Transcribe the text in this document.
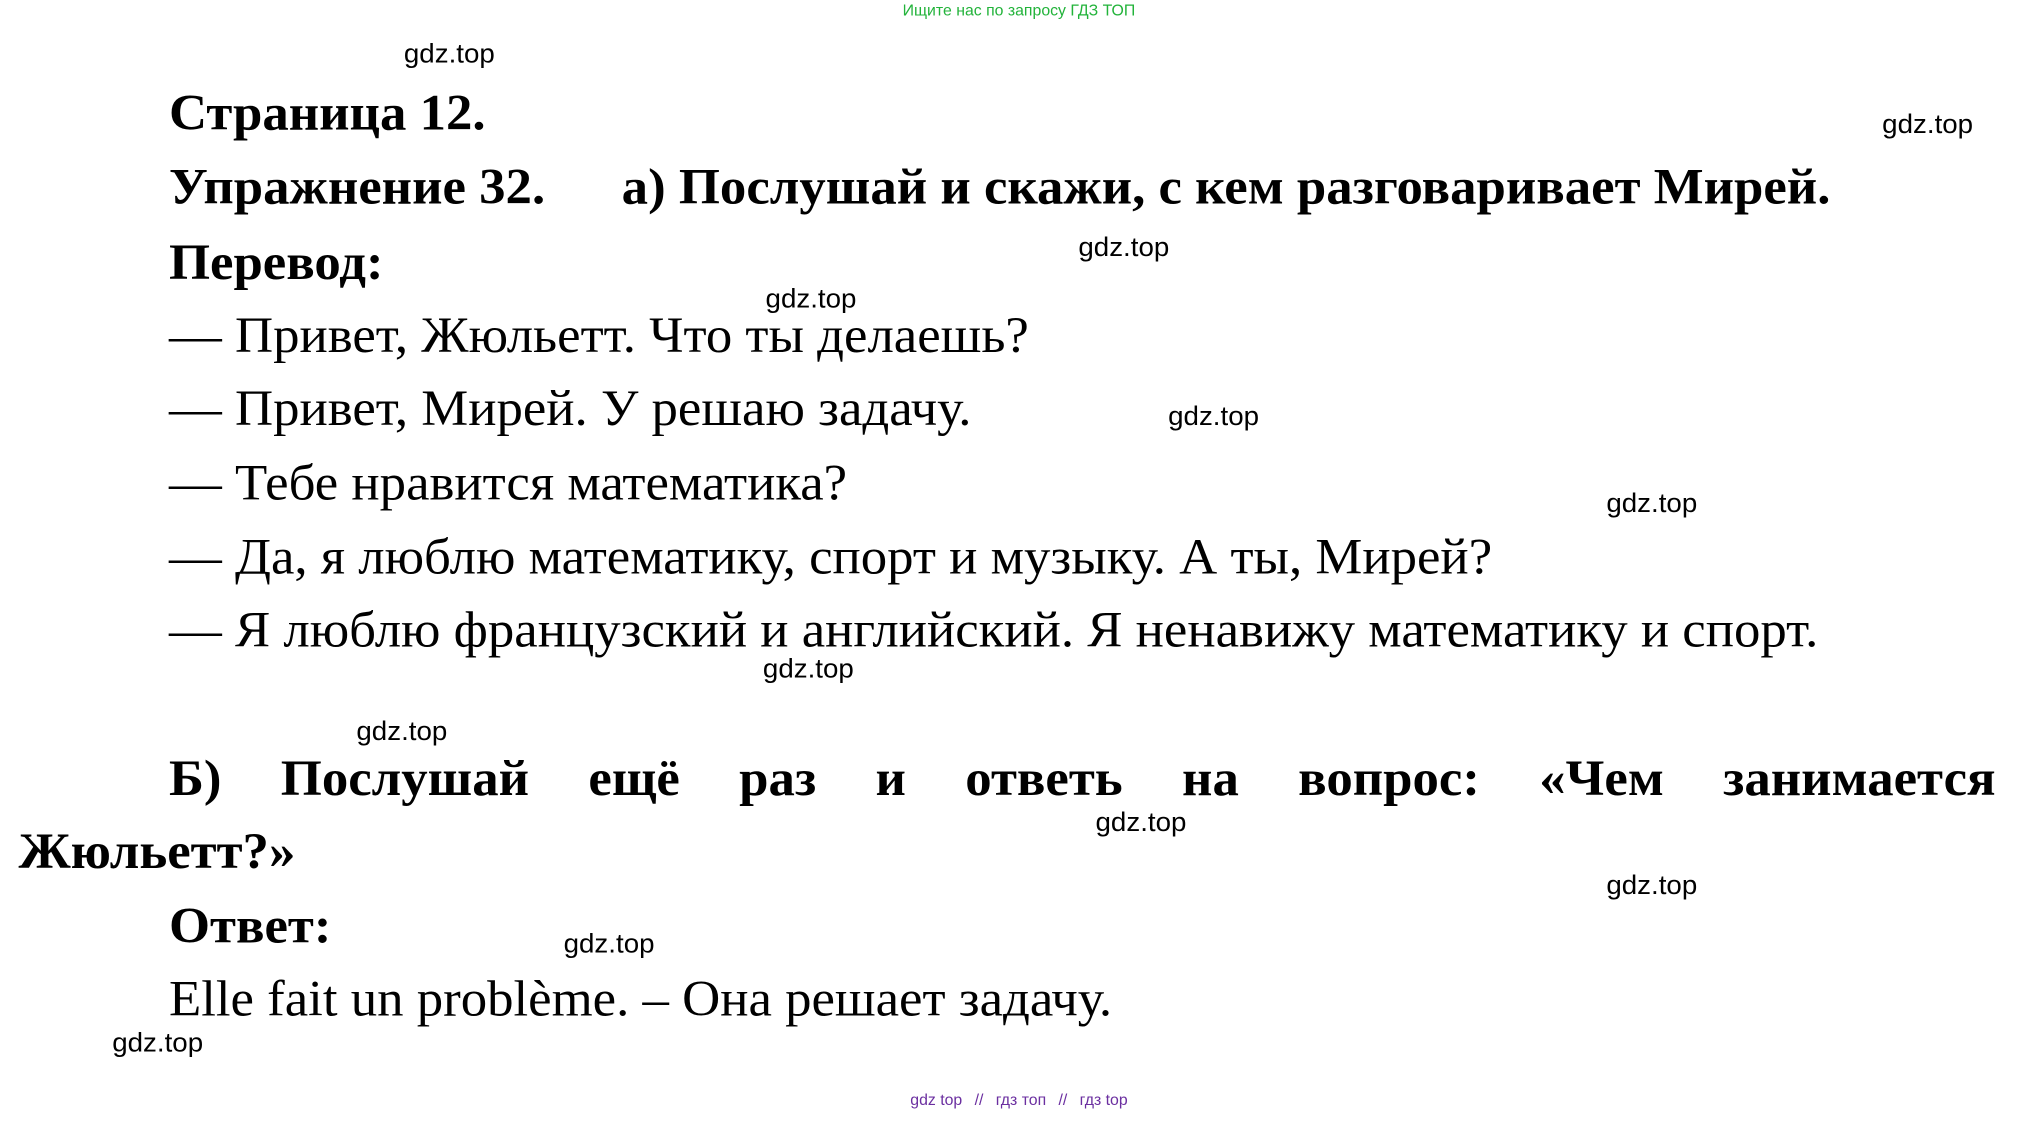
Ищите нас по запросу ГДЗ ТОП
gdz.top
gdz.top
gdz.top
gdz.top
gdz.top
gdz.top
gdz.top
gdz.top
gdz.top
gdz.top
gdz.top
gdz.top
Страница 12.
Упражнение 32. а) Послушай и скажи, с кем разговаривает Мирей.
Перевод:
— Привет, Жюльетт. Что ты делаешь?
— Привет, Мирей. У решаю задачу.
— Тебе нравится математика?
— Да, я люблю математику, спорт и музыку. А ты, Мирей?
— Я люблю французский и английский. Я ненавижу математику и спорт.
Б) Послушай ещё раз и ответь на вопрос: «Чем занимается
Жюльетт?»
Ответ:
Elle fait un problème. – Она решает задачу.
gdz top // гдз топ // гдз top
